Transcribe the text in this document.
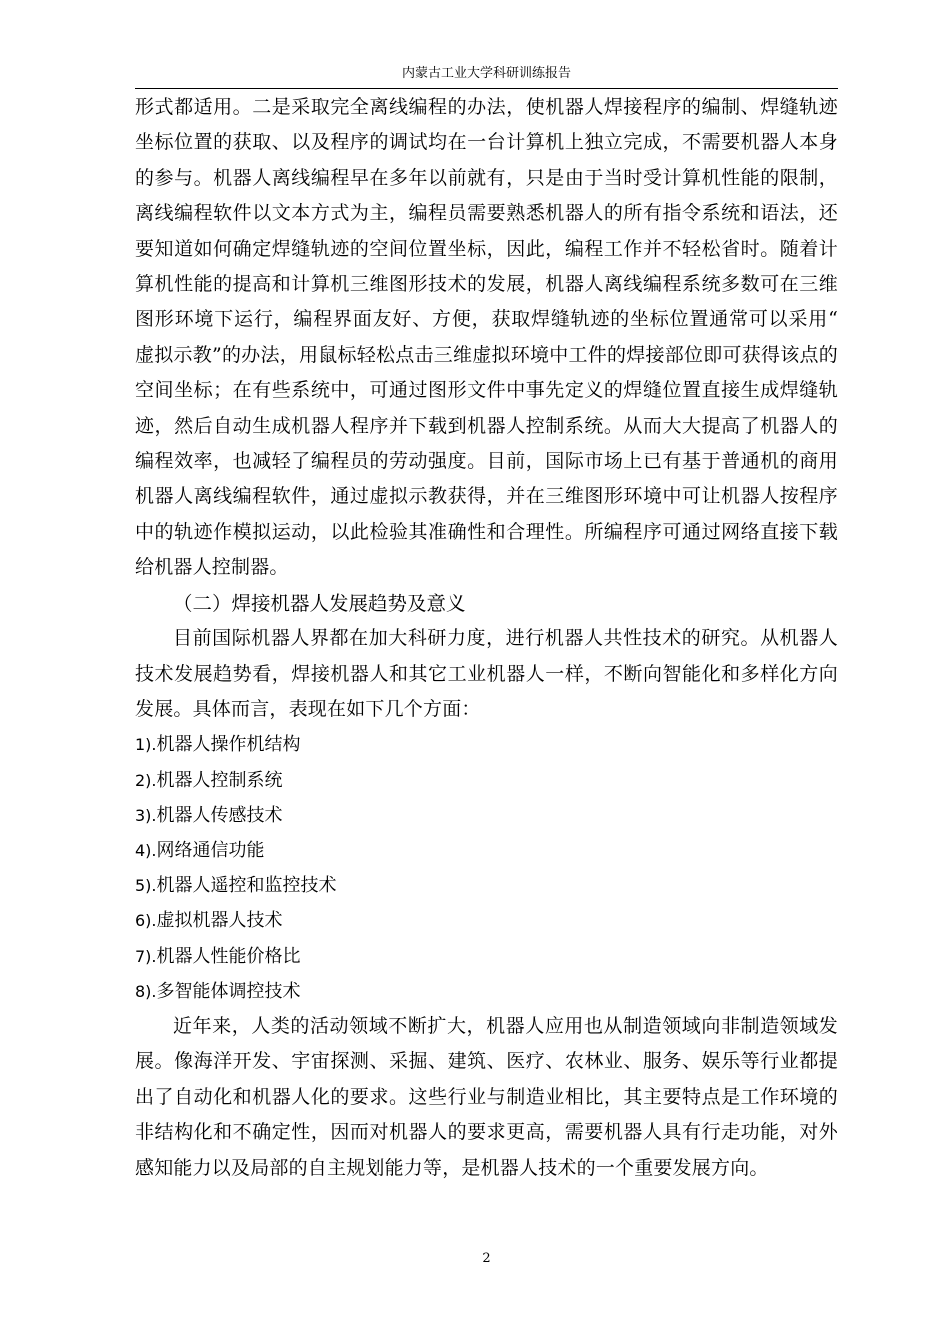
内蒙古工业大学科研训练报告

形式都适用。二是采取完全离线编程的办法，使机器人焊接程序的编制、焊缝轨迹坐标位置的获取、以及程序的调试均在一台计算机上独立完成，不需要机器人本身的参与。机器人离线编程早在多年以前就有，只是由于当时受计算机性能的限制，离线编程软件以文本方式为主，编程员需要熟悉机器人的所有指令系统和语法，还要知道如何确定焊缝轨迹的空间位置坐标，因此，编程工作并不轻松省时。随着计算机性能的提高和计算机三维图形技术的发展，机器人离线编程系统多数可在三维图形环境下运行，编程界面友好、方便，获取焊缝轨迹的坐标位置通常可以采用“ 虚拟示教”的办法，用鼠标轻松点击三维虚拟环境中工件的焊接部位即可获得该点的空间坐标；在有些系统中，可通过图形文件中事先定义的焊缝位置直接生成焊缝轨迹，然后自动生成机器人程序并下载到机器人控制系统。从而大大提高了机器人的编程效率，也减轻了编程员的劳动强度。目前，国际市场上已有基于普通机的商用机器人离线编程软件，通过虚拟示教获得，并在三维图形环境中可让机器人按程序中的轨迹作模拟运动，以此检验其准确性和合理性。所编程序可通过网络直接下载给机器人控制器。

（二）焊接机器人发展趋势及意义

目前国际机器人界都在加大科研力度，进行机器人共性技术的研究。从机器人技术发展趋势看，焊接机器人和其它工业机器人一样，不断向智能化和多样化方向发展。具体而言，表现在如下几个方面：

1).机器人操作机结构
2).机器人控制系统
3).机器人传感技术
4).网络通信功能
5).机器人遥控和监控技术
6).虚拟机器人技术
7).机器人性能价格比
8).多智能体调控技术

近年来，人类的活动领域不断扩大，机器人应用也从制造领域向非制造领域发展。像海洋开发、宇宙探测、采掘、建筑、医疗、农林业、服务、娱乐等行业都提出了自动化和机器人化的要求。这些行业与制造业相比，其主要特点是工作环境的非结构化和不确定性，因而对机器人的要求更高，需要机器人具有行走功能，对外感知能力以及局部的自主规划能力等，是机器人技术的一个重要发展方向。

2
